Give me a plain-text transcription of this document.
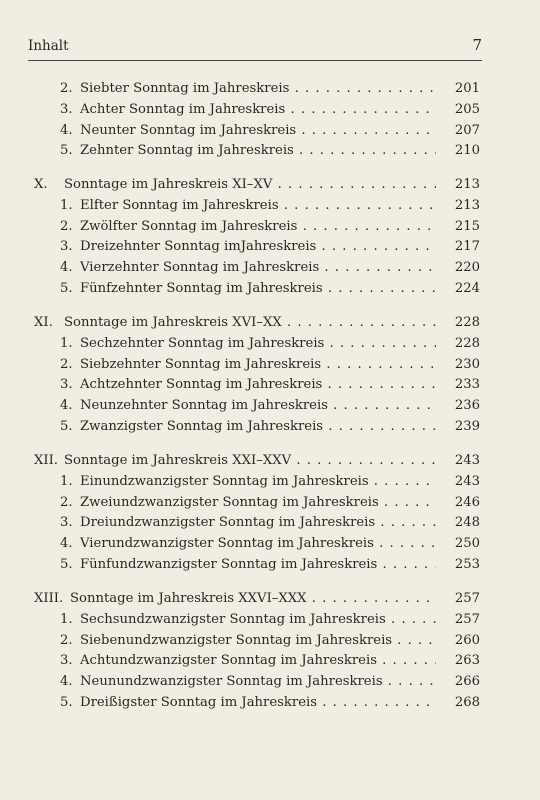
Inhalt	7
2. Siebter Sonntag im Jahreskreis . . .	201
3. Achter Sonntag im Jahreskreis . . .	205
4. Neunter Sonntag im Jahreskreis . . .	207
5. Zehnter Sonntag im Jahreskreis . . .	210
X.	Sonntage im Jahreskreis XI–XV . . .	213
1. Elfter Sonntag im Jahreskreis . . .	213
2. Zwölfter Sonntag im Jahreskreis . . .	215
3. Dreizehnter Sonntag imJahreskreis . . .	217
4. Vierzehnter Sonntag im Jahreskreis . . .	220
5. Fünfzehnter Sonntag im Jahreskreis . . .	224
XI. Sonntage im Jahreskreis XVI–XX . . .	228
1. Sechzehnter Sonntag im Jahreskreis . . .	228
2. Siebzehnter Sonntag im Jahreskreis . . .	230
3. Achtzehnter Sonntag im Jahreskreis . . .	233
4. Neunzehnter Sonntag im Jahreskreis . . .	236
5. Zwanzigster Sonntag im Jahreskreis . . .	239
XII. Sonntage im Jahreskreis XXI–XXV . . .	243
1. Einundzwanzigster Sonntag im Jahreskreis . . .	243
2. Zweiundzwanzigster Sonntag im Jahreskreis . . .	246
3. Dreiundzwanzigster Sonntag im Jahreskreis . . .	248
4. Vierundzwanzigster Sonntag im Jahreskreis . . .	250
5. Fünfundzwanzigster Sonntag im Jahreskreis . . .	253
XIII. Sonntage im Jahreskreis XXVI–XXX . . .	257
1. Sechsundzwanzigster Sonntag im Jahreskreis . . .	257
2. Siebenundzwanzigster Sonntag im Jahreskreis . . .	260
3. Achtundzwanzigster Sonntag im Jahreskreis . . .	263
4. Neunundzwanzigster Sonntag im Jahreskreis . . .	266
5. Dreißigster Sonntag im Jahreskreis . . .	268
